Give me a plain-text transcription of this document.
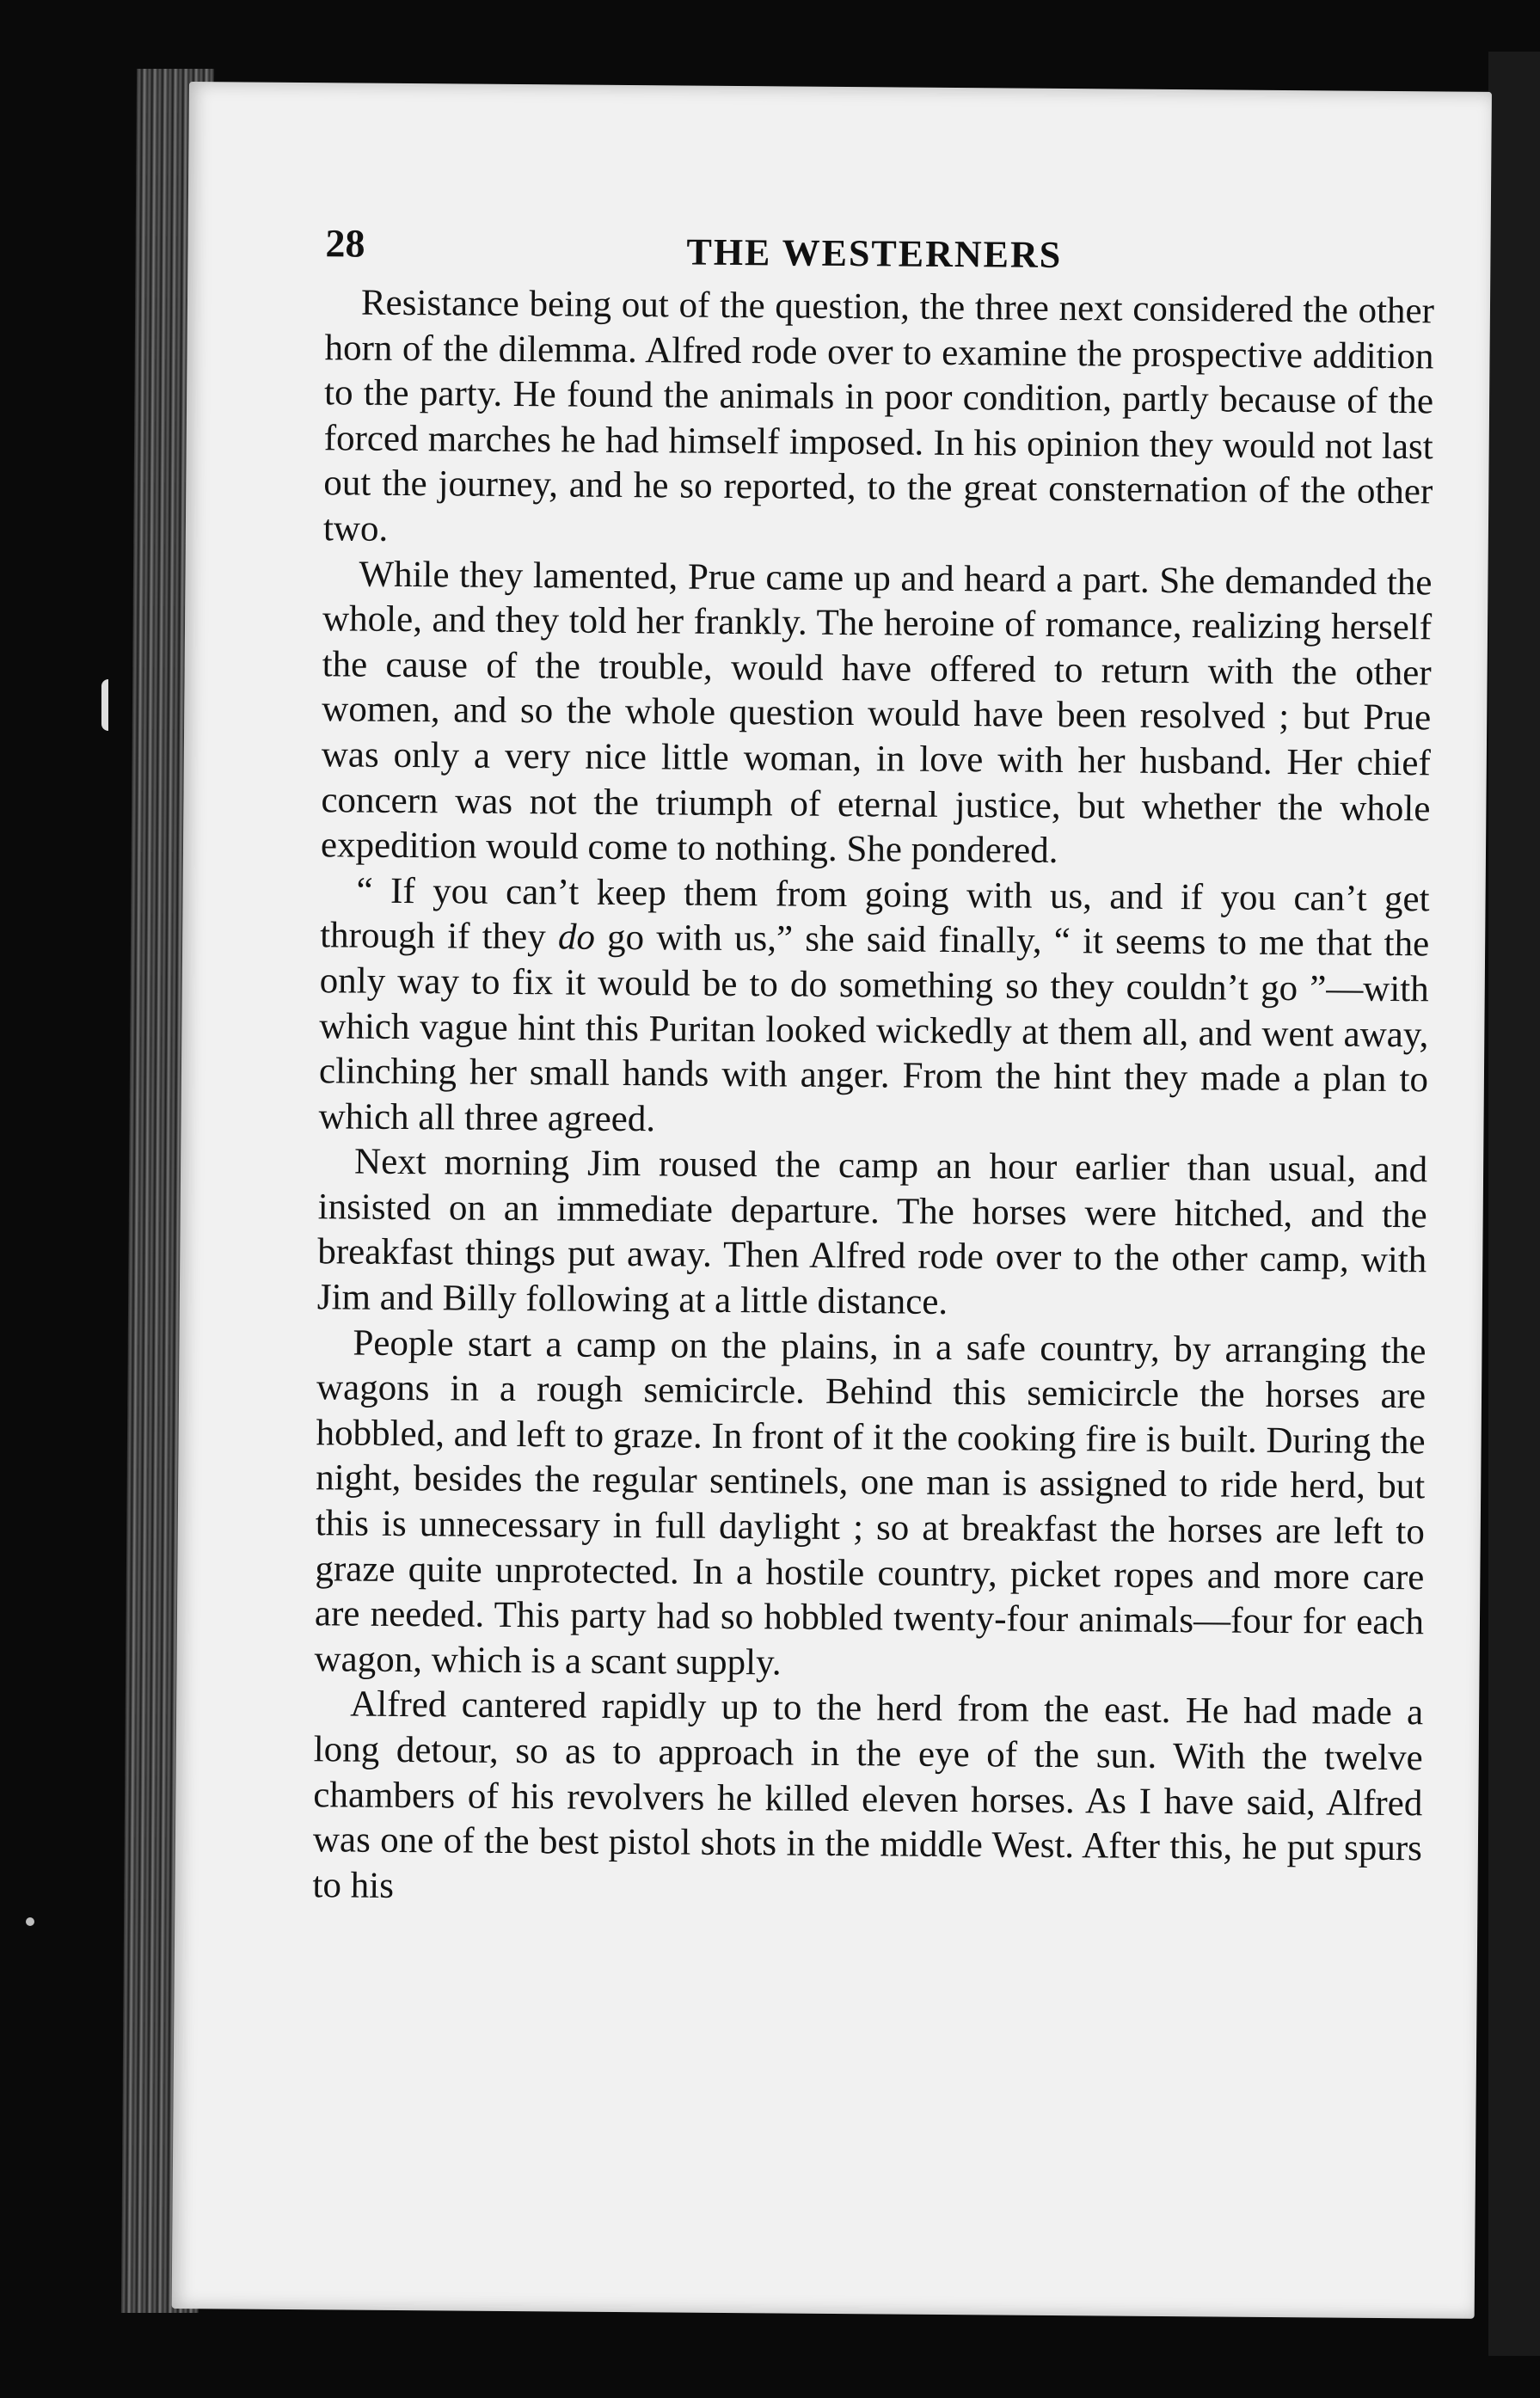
28	THE WESTERNERS

Resistance being out of the question, the three next considered the other horn of the dilemma. Alfred rode over to examine the prospective addition to the party. He found the animals in poor condition, partly because of the forced marches he had himself imposed. In his opinion they would not last out the journey, and he so reported, to the great consternation of the other two.

While they lamented, Prue came up and heard a part. She demanded the whole, and they told her frankly. The heroine of romance, realizing herself the cause of the trouble, would have offered to return with the other women, and so the whole question would have been resolved ; but Prue was only a very nice little woman, in love with her husband. Her chief concern was not the triumph of eternal justice, but whether the whole expedition would come to nothing. She pondered.

“ If you can’t keep them from going with us, and if you can’t get through if they do go with us,” she said finally, “ it seems to me that the only way to fix it would be to do something so they couldn’t go ”—with which vague hint this Puritan looked wickedly at them all, and went away, clinching her small hands with anger. From the hint they made a plan to which all three agreed.

Next morning Jim roused the camp an hour earlier than usual, and insisted on an immediate departure. The horses were hitched, and the breakfast things put away. Then Alfred rode over to the other camp, with Jim and Billy following at a little distance.

People start a camp on the plains, in a safe country, by arranging the wagons in a rough semicircle. Behind this semicircle the horses are hobbled, and left to graze. In front of it the cooking fire is built. During the night, besides the regular sentinels, one man is assigned to ride herd, but this is unnecessary in full daylight ; so at breakfast the horses are left to graze quite unprotected. In a hostile country, picket ropes and more care are needed. This party had so hobbled twenty-four animals—four for each wagon, which is a scant supply.

Alfred cantered rapidly up to the herd from the east. He had made a long detour, so as to approach in the eye of the sun. With the twelve chambers of his revolvers he killed eleven horses. As I have said, Alfred was one of the best pistol shots in the middle West. After this, he put spurs to his
